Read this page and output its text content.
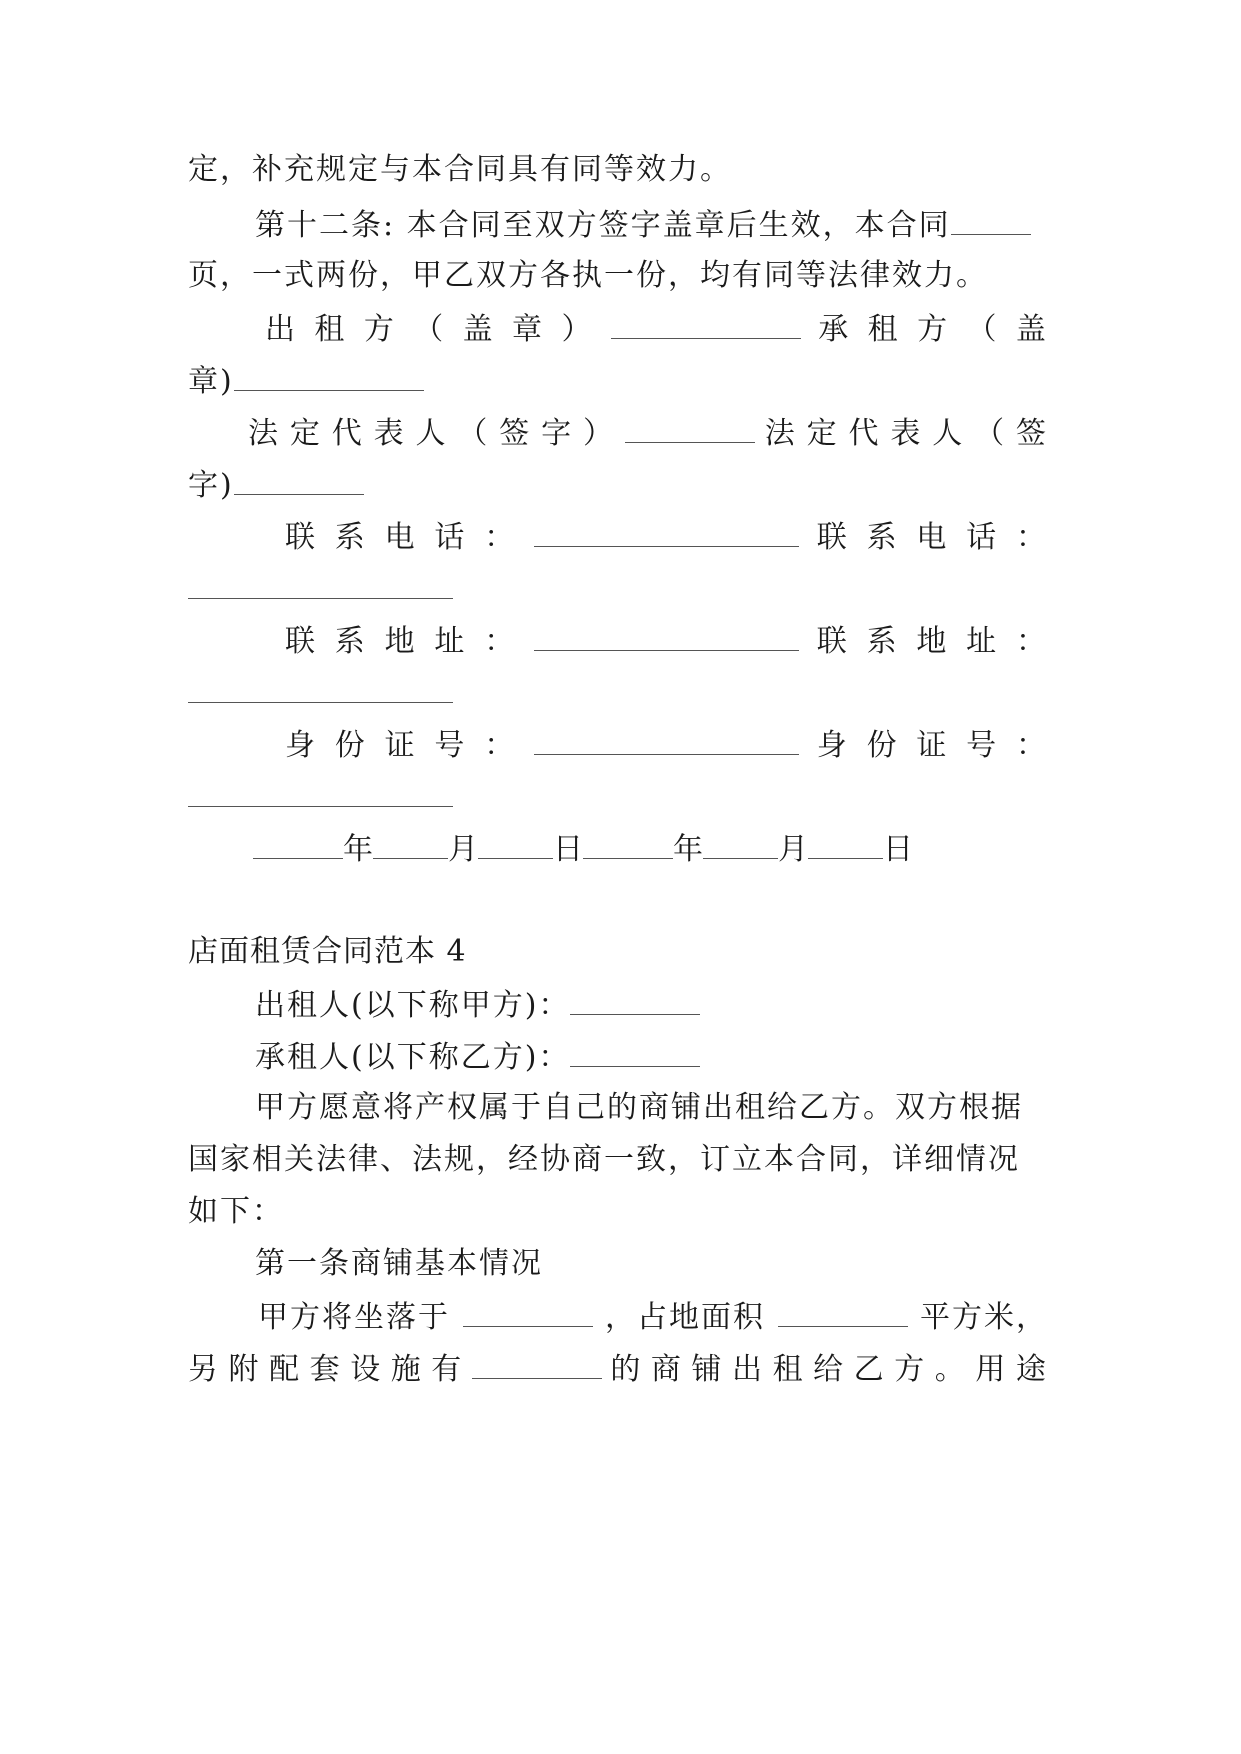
定，补充规定与本合同具有同等效力。
第十二条: 本合同至双方签字盖章后生效，本合同
页，一式两份，甲乙双方各执一份，均有同等法律效力。
出 租 方 （ 盖 章 ）	承 租 方 （ 盖
章)
法 定 代 表 人 （ 签 字 ）	法 定 代 表 人 （ 签
字)
联 系 电 话 ：	联 系 电 话 ：
联 系 地 址 ：	联 系 地 址 ：
身 份 证 号 ：	身 份 证 号 ：
年	月	日	年	月	日
店面租赁合同范本 4
出租人(以下称甲方)：
承租人(以下称乙方)：
甲方愿意将产权属于自己的商铺出租给乙方。双方根据
国家相关法律、法规，经协商一致，订立本合同，详细情况
如下：
第一条商铺基本情况
甲方将坐落于	，占地面积	平方米，
另 附 配 套 设 施 有	的 商 铺 出 租 给 乙 方 。 用 途
